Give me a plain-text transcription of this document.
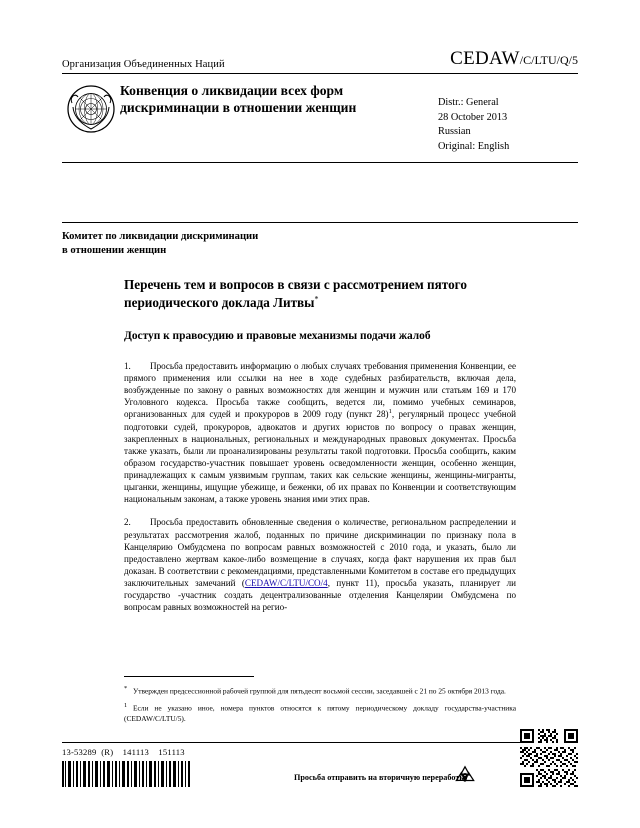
Организация Объединенных Наций	CEDAW/C/LTU/Q/5
Конвенция о ликвидации всех форм дискриминации в отношении женщин	Distr.: General
28 October 2013
Russian
Original: English
Комитет по ликвидации дискриминации
в отношении женщин
Перечень тем и вопросов в связи с рассмотрением пятого периодического доклада Литвы*
Доступ к правосудию и правовые механизмы подачи жалоб

1. Просьба предоставить информацию о любых случаях требования применения Конвенции, ее прямого применения или ссылки на нее в ходе судебных разбирательств, включая дела, возбужденные по закону о равных возможностях для женщин и мужчин или статьям 169 и 170 Уголовного кодекса. Просьба также сообщить, ведется ли, помимо учебных семинаров, организованных для судей и прокуроров в 2009 году (пункт 28)$^1$, регулярный процесс учебной подготовки судей, прокуроров, адвокатов и других юристов по вопросу о правах женщин, закрепленных в национальных, региональных и международных правовых документах. Просьба также указать, были ли проанализированы результаты такой подготовки. Просьба сообщить, каким образом государство-участник повышает уровень осведомленности женщин, особенно женщин, принадлежащих к самым уязвимым группам, таких как сельские женщины, женщины-мигранты, цыганки, женщины, ищущие убежище, и беженки, об их правах по Конвенции и соответствующим национальным законам, а также уровень знания ими этих прав.

2. Просьба предоставить обновленные сведения о количестве, региональном распределении и результатах рассмотрения жалоб, поданных по причине дискриминации по признаку пола в Канцелярию Омбудсмена по вопросам равных возможностей с 2010 года, и указать, было ли предоставлено жертвам какое-либо возмещение в случаях, когда факт нарушения их прав был доказан. В соответствии с рекомендациями, представленными Комитетом в составе его предыдущих заключительных замечаний (CEDAW/C/LTU/CO/4, пункт 11), просьба указать, планирует ли государство -участник создать децентрализованные отделения Канцелярии Омбудсмена по вопросам равных возможностей на регио-

* Утвержден предсессионной рабочей группой для пятьдесят восьмой сессии, заседавшей с 21 по 25 октября 2013 года.

$^1$ Если не указано иное, номера пунктов относятся к пятому периодическому докладу государства-участника (CEDAW/C/LTU/5).

13-53289  (R)    141113    151113
Просьба отправить на вторичную переработку
